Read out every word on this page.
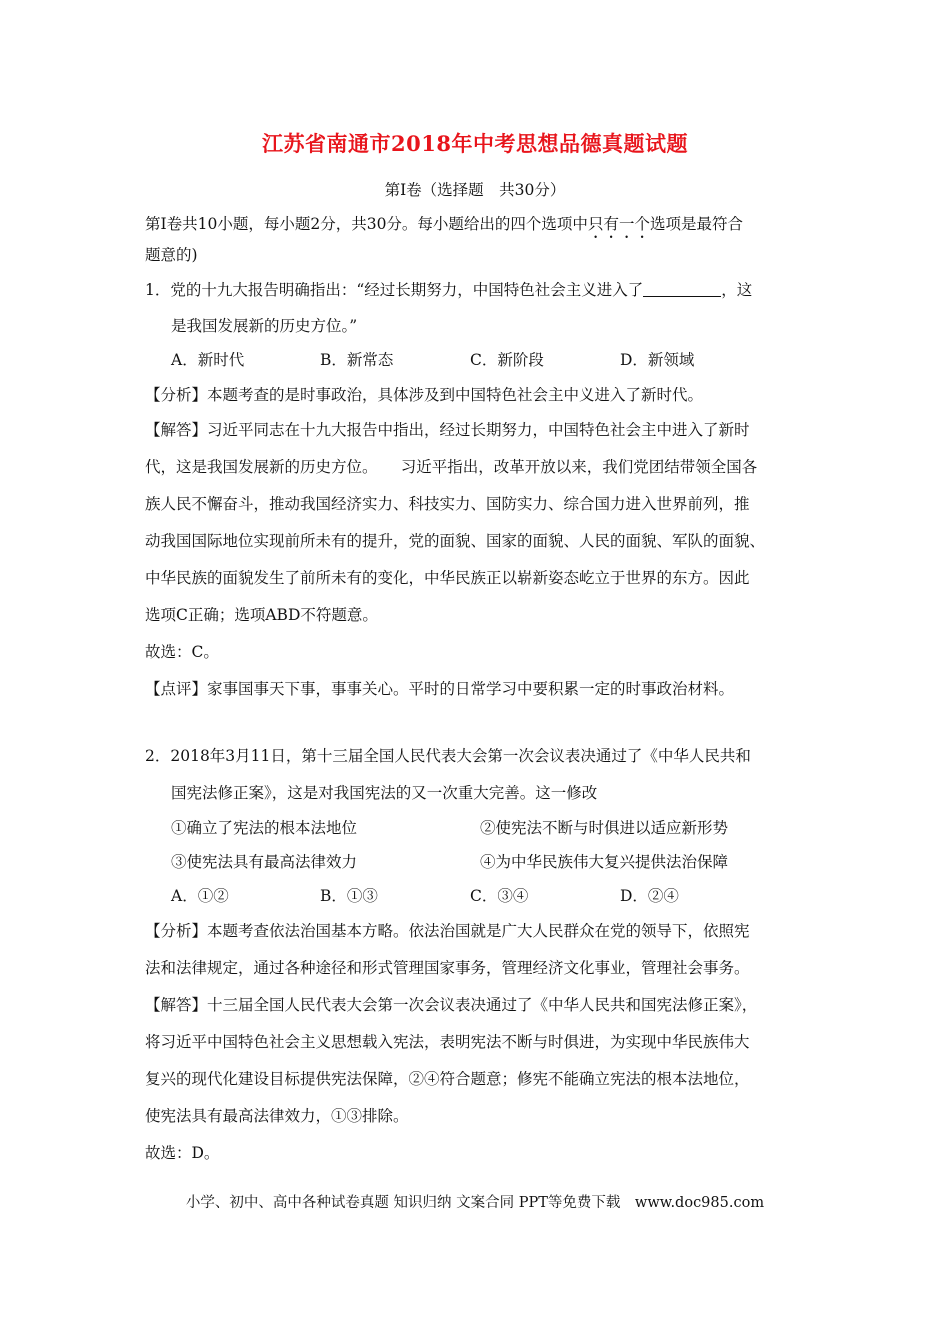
江苏省南通市2018年中考思想品德真题试题
第Ⅰ卷（选择题　共30分）
第Ⅰ卷共10小题，每小题2分，共30分。每小题给出的四个选项中只有一个选项是最符合
题意的)
1．党的十九大报告明确指出：“经过长期努力，中国特色社会主义进入了	，这
是我国发展新的历史方位。”
A．新时代	B．新常态	C．新阶段	D．新领域
【分析】本题考查的是时事政治，具体涉及到中国特色社会主中义进入了新时代。
【解答】习近平同志在十九大报告中指出，经过长期努力，中国特色社会主中进入了新时
代，这是我国发展新的历史方位。　　习近平指出，改革开放以来，我们党团结带领全国各
族人民不懈奋斗，推动我国经济实力、科技实力、国防实力、综合国力进入世界前列，推
动我国国际地位实现前所未有的提升，党的面貌、国家的面貌、人民的面貌、军队的面貌、
中华民族的面貌发生了前所未有的变化，中华民族正以崭新姿态屹立于世界的东方。因此
选项C正确；选项ABD不符题意。
故选：C。
【点评】家事国事天下事，事事关心。平时的日常学习中要积累一定的时事政治材料。
2．2018年3月11日，第十三届全国人民代表大会第一次会议表决通过了《中华人民共和
国宪法修正案》，这是对我国宪法的又一次重大完善。这一修改
①确立了宪法的根本法地位	②使宪法不断与时俱进以适应新形势
③使宪法具有最高法律效力	④为中华民族伟大复兴提供法治保障
A．①②	B．①③	C．③④	D．②④
【分析】本题考查依法治国基本方略。依法治国就是广大人民群众在党的领导下，依照宪
法和法律规定，通过各种途径和形式管理国家事务，管理经济文化事业，管理社会事务。
【解答】十三届全国人民代表大会第一次会议表决通过了《中华人民共和国宪法修正案》，
将习近平中国特色社会主义思想载入宪法，表明宪法不断与时俱进，为实现中华民族伟大
复兴的现代化建设目标提供宪法保障，②④符合题意；修宪不能确立宪法的根本法地位，
使宪法具有最高法律效力，①③排除。
故选：D。
小学、初中、高中各种试卷真题 知识归纳 文案合同 PPT等免费下载　www.doc985.com
